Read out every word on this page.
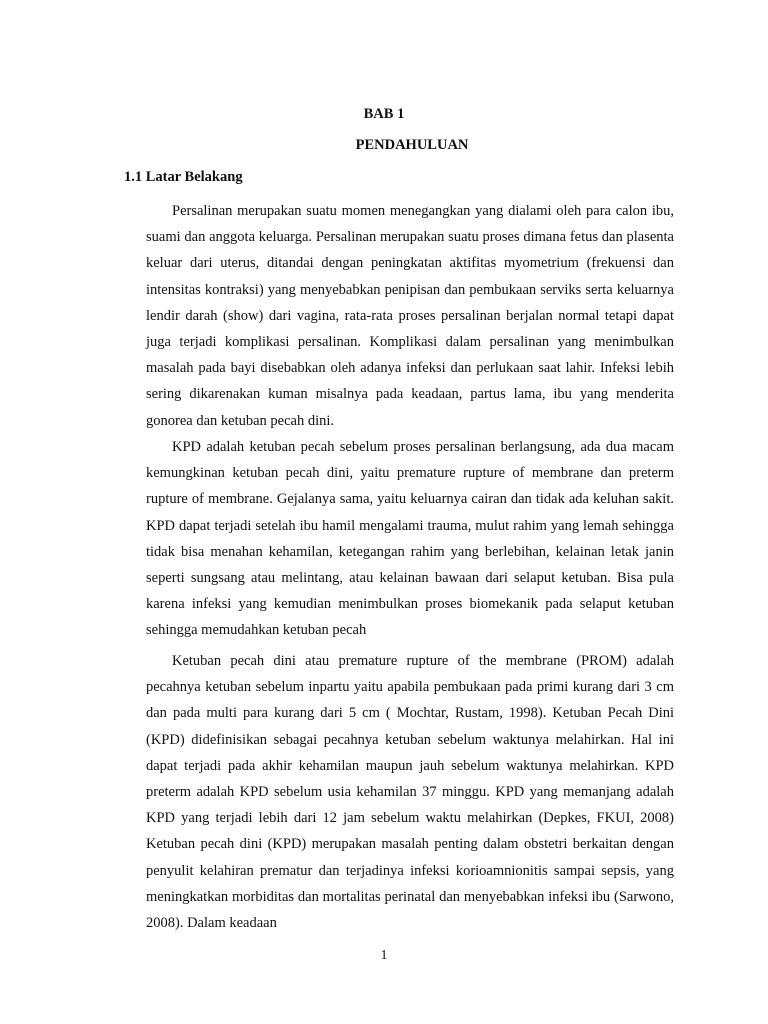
BAB 1
PENDAHULUAN
1.1 Latar Belakang

Persalinan merupakan suatu momen menegangkan yang dialami oleh para calon ibu, suami dan anggota keluarga. Persalinan merupakan suatu proses dimana fetus dan plasenta keluar dari uterus, ditandai dengan peningkatan aktifitas myometrium (frekuensi dan intensitas kontraksi) yang menyebabkan penipisan dan pembukaan serviks serta keluarnya lendir darah (show) dari vagina, rata-rata proses persalinan berjalan normal tetapi dapat juga terjadi komplikasi persalinan. Komplikasi dalam persalinan yang menimbulkan masalah pada bayi disebabkan oleh adanya infeksi dan perlukaan saat lahir. Infeksi lebih sering dikarenakan kuman misalnya pada keadaan, partus lama, ibu yang menderita gonorea dan ketuban pecah dini.

KPD adalah ketuban pecah sebelum proses persalinan berlangsung, ada dua macam kemungkinan ketuban pecah dini, yaitu premature rupture of membrane dan preterm rupture of membrane. Gejalanya sama, yaitu keluarnya cairan dan tidak ada keluhan sakit. KPD dapat terjadi setelah ibu hamil mengalami trauma, mulut rahim yang lemah sehingga tidak bisa menahan kehamilan, ketegangan rahim yang berlebihan, kelainan letak janin seperti sungsang atau melintang, atau kelainan bawaan dari selaput ketuban. Bisa pula karena infeksi yang kemudian menimbulkan proses biomekanik pada selaput ketuban sehingga memudahkan ketuban pecah

Ketuban pecah dini atau premature rupture of the membrane (PROM) adalah pecahnya ketuban sebelum inpartu yaitu apabila pembukaan pada primi kurang dari 3 cm dan pada multi para kurang dari 5 cm ( Mochtar, Rustam, 1998). Ketuban Pecah Dini (KPD) didefinisikan sebagai pecahnya ketuban sebelum waktunya melahirkan. Hal ini dapat terjadi pada akhir kehamilan maupun jauh sebelum waktunya melahirkan. KPD preterm adalah KPD sebelum usia kehamilan 37 minggu. KPD yang memanjang adalah KPD yang terjadi lebih dari 12 jam sebelum waktu melahirkan (Depkes, FKUI, 2008) Ketuban pecah dini (KPD) merupakan masalah penting dalam obstetri berkaitan dengan penyulit kelahiran prematur dan terjadinya infeksi korioamnionitis sampai sepsis, yang meningkatkan morbiditas dan mortalitas perinatal dan menyebabkan infeksi ibu (Sarwono, 2008). Dalam keadaan

1
